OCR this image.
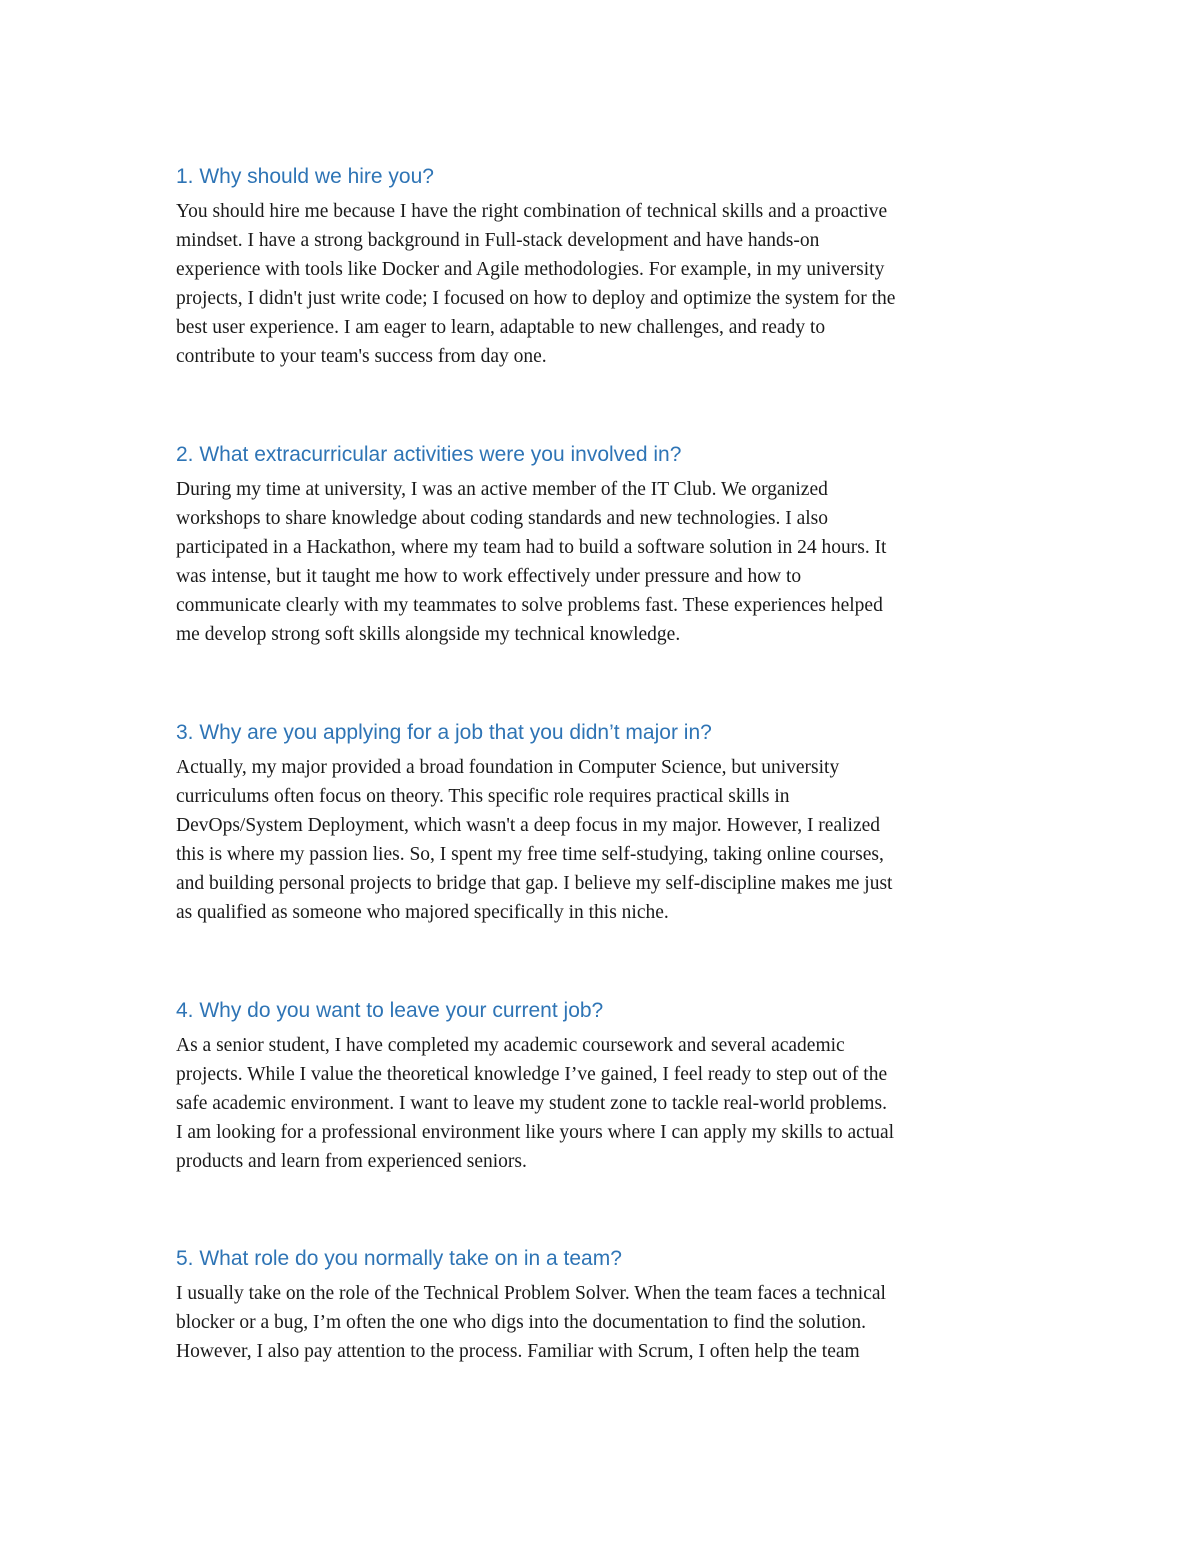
1. Why should we hire you?

You should hire me because I have the right combination of technical skills and a proactive
mindset. I have a strong background in Full-stack development and have hands-on
experience with tools like Docker and Agile methodologies. For example, in my university
projects, I didn't just write code; I focused on how to deploy and optimize the system for the
best user experience. I am eager to learn, adaptable to new challenges, and ready to
contribute to your team's success from day one.

2. What extracurricular activities were you involved in?

During my time at university, I was an active member of the IT Club. We organized
workshops to share knowledge about coding standards and new technologies. I also
participated in a Hackathon, where my team had to build a software solution in 24 hours. It
was intense, but it taught me how to work effectively under pressure and how to
communicate clearly with my teammates to solve problems fast. These experiences helped
me develop strong soft skills alongside my technical knowledge.

3. Why are you applying for a job that you didn’t major in?

Actually, my major provided a broad foundation in Computer Science, but university
curriculums often focus on theory. This specific role requires practical skills in
DevOps/System Deployment, which wasn't a deep focus in my major. However, I realized
this is where my passion lies. So, I spent my free time self-studying, taking online courses,
and building personal projects to bridge that gap. I believe my self-discipline makes me just
as qualified as someone who majored specifically in this niche.

4. Why do you want to leave your current job?

As a senior student, I have completed my academic coursework and several academic
projects. While I value the theoretical knowledge I’ve gained, I feel ready to step out of the
safe academic environment. I want to leave my student zone to tackle real-world problems.
I am looking for a professional environment like yours where I can apply my skills to actual
products and learn from experienced seniors.

5. What role do you normally take on in a team?

I usually take on the role of the Technical Problem Solver. When the team faces a technical
blocker or a bug, I’m often the one who digs into the documentation to find the solution.
However, I also pay attention to the process. Familiar with Scrum, I often help the team
